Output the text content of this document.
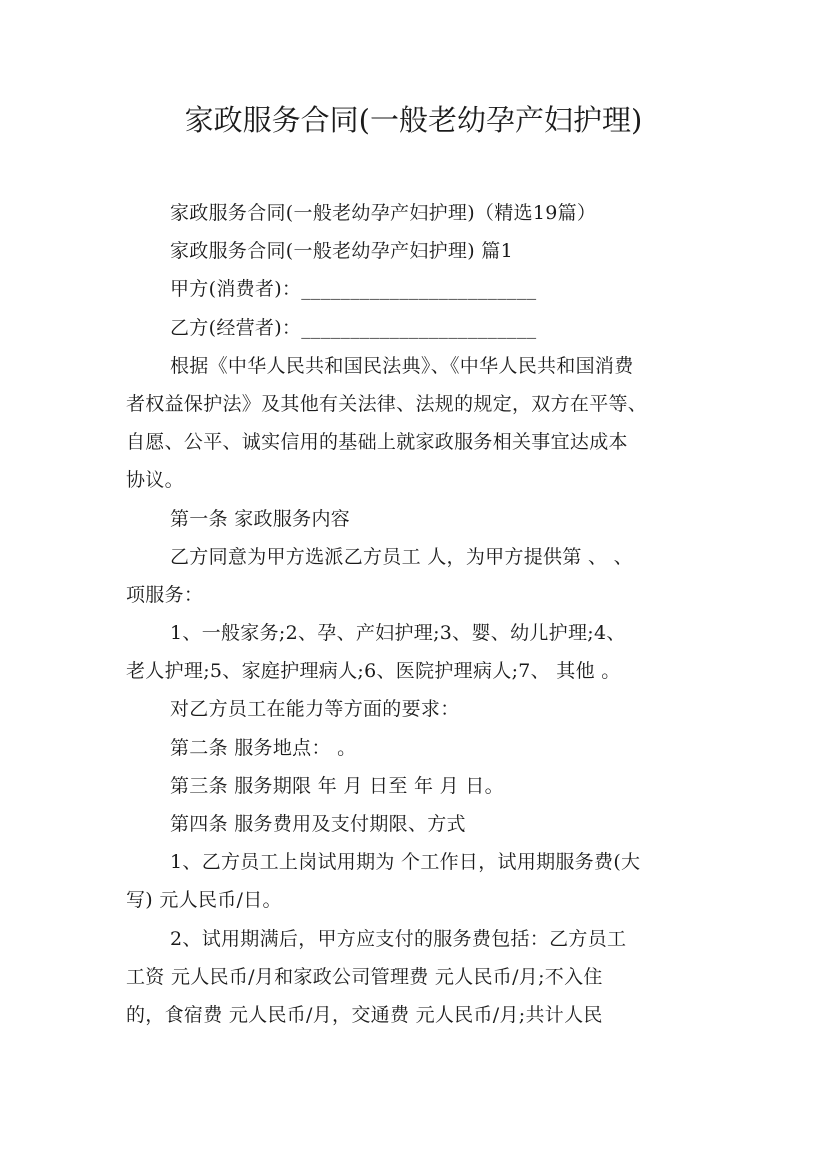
家政服务合同(一般老幼孕产妇护理)

家政服务合同(一般老幼孕产妇护理)（精选19篇）

家政服务合同(一般老幼孕产妇护理) 篇1

甲方(消费者)：________________________

乙方(经营者)：________________________

根据《中华人民共和国民法典》、《中华人民共和国消费

者权益保护法》及其他有关法律、法规的规定，双方在平等、

自愿、公平、诚实信用的基础上就家政服务相关事宜达成本

协议。

第一条 家政服务内容

乙方同意为甲方选派乙方员工 人，为甲方提供第 、 、

项服务：

1、一般家务;2、孕、产妇护理;3、婴、幼儿护理;4、

老人护理;5、家庭护理病人;6、医院护理病人;7、 其他 。

对乙方员工在能力等方面的要求：

第二条 服务地点： 。

第三条 服务期限 年 月 日至 年 月 日。

第四条 服务费用及支付期限、方式

1、乙方员工上岗试用期为 个工作日，试用期服务费(大

写) 元人民币/日。

2、试用期满后，甲方应支付的服务费包括：乙方员工

工资 元人民币/月和家政公司管理费 元人民币/月;不入住

的，食宿费 元人民币/月，交通费 元人民币/月;共计人民
